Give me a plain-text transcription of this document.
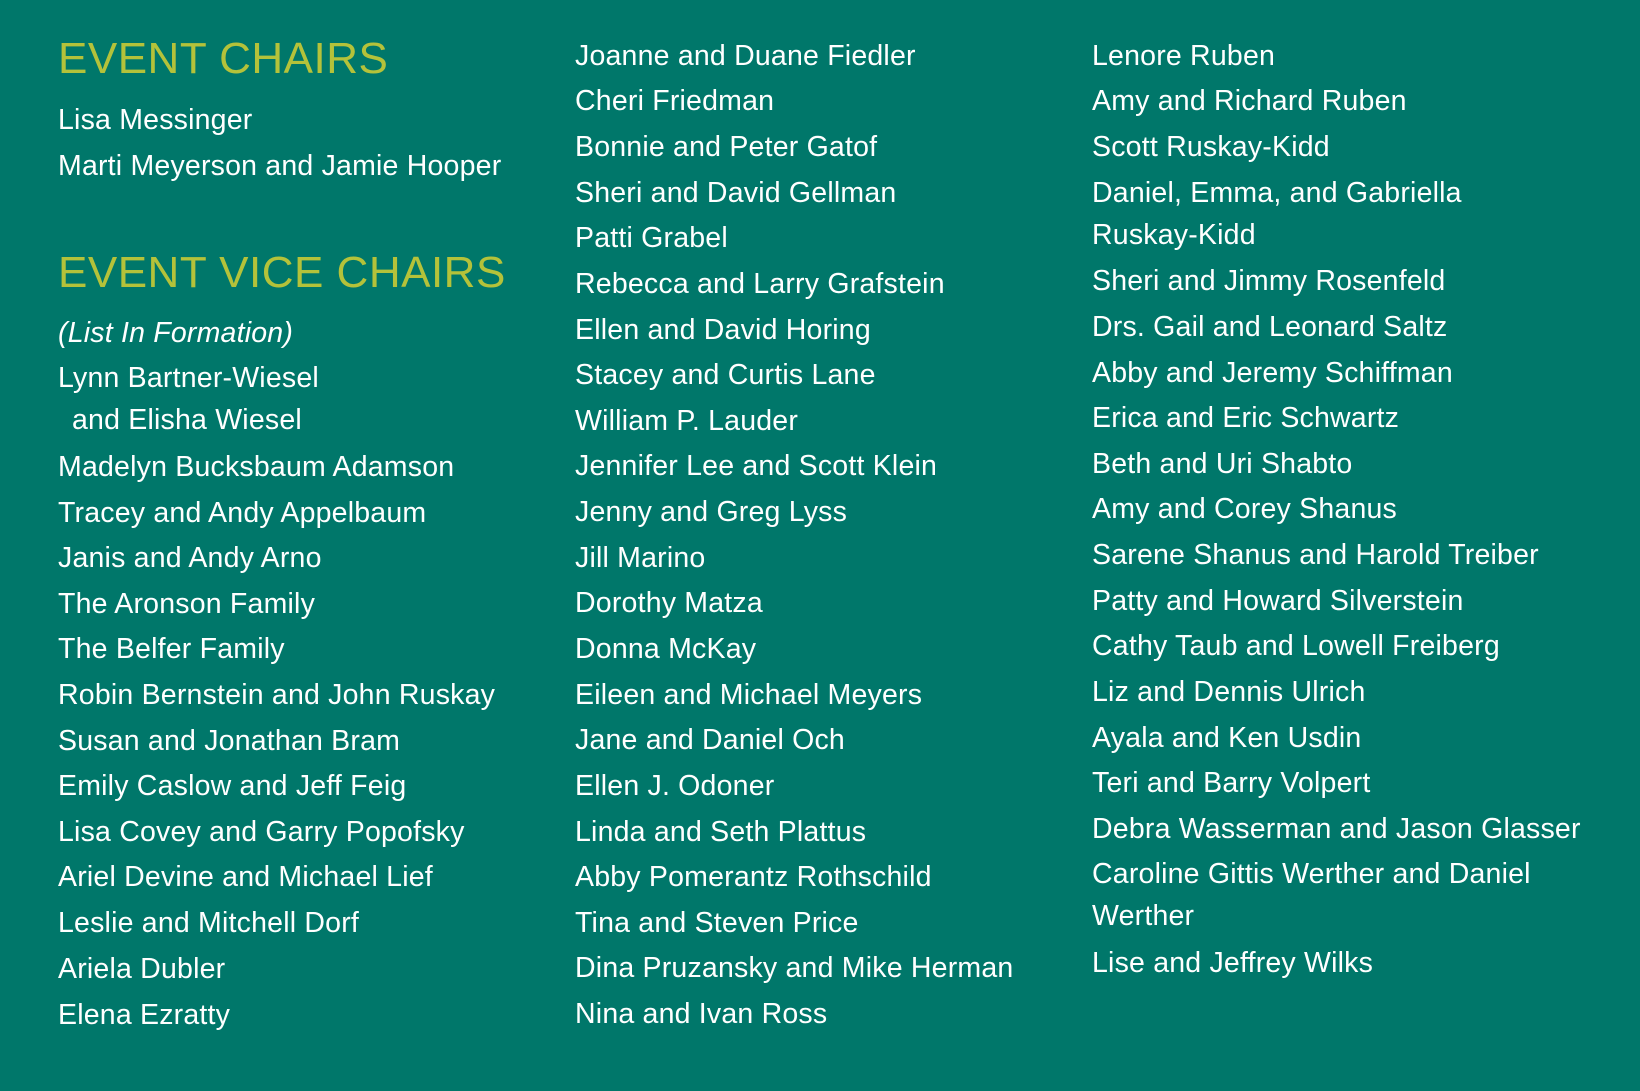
EVENT CHAIRS
Lisa Messinger
Marti Meyerson and Jamie Hooper
EVENT VICE CHAIRS
(List In Formation)
Lynn Bartner-Wiesel
and Elisha Wiesel
Madelyn Bucksbaum Adamson
Tracey and Andy Appelbaum
Janis and Andy Arno
The Aronson Family
The Belfer Family
Robin Bernstein and John Ruskay
Susan and Jonathan Bram
Emily Caslow and Jeff Feig
Lisa Covey and Garry Popofsky
Ariel Devine and Michael Lief
Leslie and Mitchell Dorf
Ariela Dubler
Elena Ezratty
Joanne and Duane Fiedler
Cheri Friedman
Bonnie and Peter Gatof
Sheri and David Gellman
Patti Grabel
Rebecca and Larry Grafstein
Ellen and David Horing
Stacey and Curtis Lane
William P. Lauder
Jennifer Lee and Scott Klein
Jenny and Greg Lyss
Jill Marino
Dorothy Matza
Donna McKay
Eileen and Michael Meyers
Jane and Daniel Och
Ellen J. Odoner
Linda and Seth Plattus
Abby Pomerantz Rothschild
Tina and Steven Price
Dina Pruzansky and Mike Herman
Nina and Ivan Ross
Lenore Ruben
Amy and Richard Ruben
Scott Ruskay-Kidd
Daniel, Emma, and Gabriella Ruskay-Kidd
Sheri and Jimmy Rosenfeld
Drs. Gail and Leonard Saltz
Abby and Jeremy Schiffman
Erica and Eric Schwartz
Beth and Uri Shabto
Amy and Corey Shanus
Sarene Shanus and Harold Treiber
Patty and Howard Silverstein
Cathy Taub and Lowell Freiberg
Liz and Dennis Ulrich
Ayala and Ken Usdin
Teri and Barry Volpert
Debra Wasserman and Jason Glasser
Caroline Gittis Werther and Daniel Werther
Lise and Jeffrey Wilks
